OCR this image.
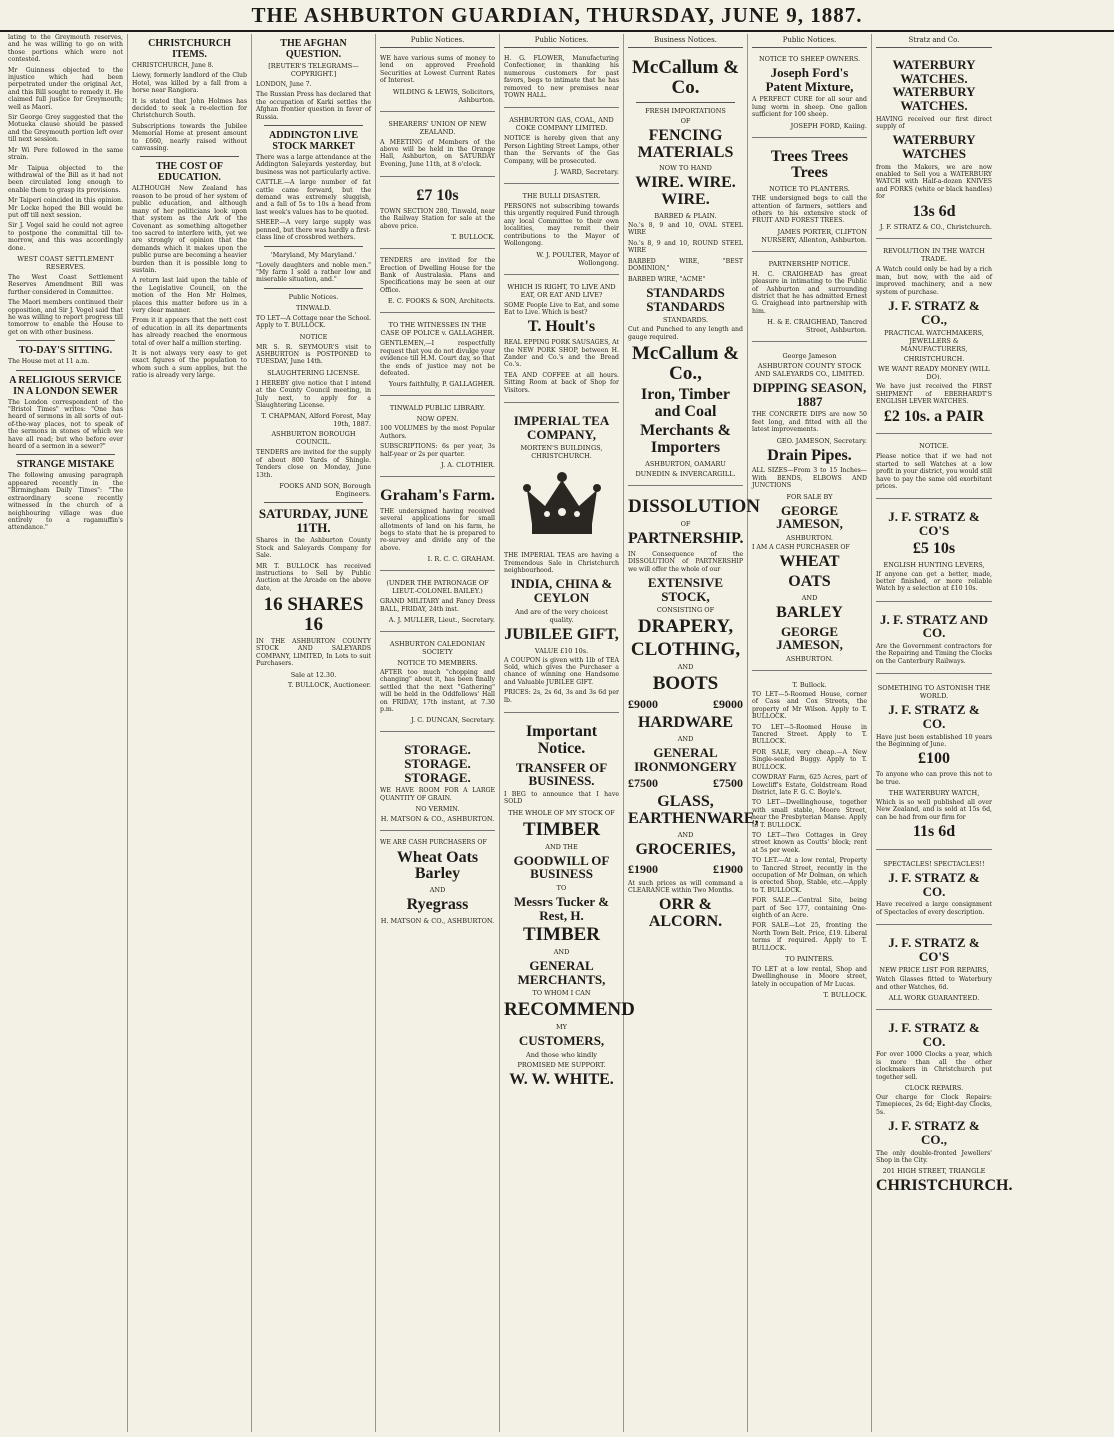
THE ASHBURTON GUARDIAN, THURSDAY, JUNE 9, 1887.

lating to the Greymouth reserves, and he was willing to go on with those portions which were not contested.

Mr Guinness objected to the injustice which had been perpetrated under the original Act, and this Bill sought to remedy it. He claimed full justice for Greymouth; well as Maori.

Sir George Grey suggested that the Motueka clause should be passed and the Greymouth portion left over till next session.

Mr Wi Pere followed in the same strain.

Mr Taipua objected to the withdrawal of the Bill as it had not been circulated long enough to enable them to grasp its provisions.

Mr Taiperi coincided in this opinion. Mr Locke hoped the Bill would be put off till next session.

Sir J. Vogel said he could not agree to postpone the committal till to-morrow, and this was accordingly done.

WEST COAST SETTLEMENT RESERVES.

The West Coast Settlement Reserves Amendment Bill was further considered in Committee.

The Maori members continued their opposition, and Sir J. Vogel said that he was willing to report progress till tomorrow to enable the House to get on with other business.

TO-DAY'S SITTING.

The House met at 11 a.m.

A RELIGIOUS SERVICE IN A LONDON SEWER

The London correspondent of the "Bristol Times" writes: "One has heard of sermons in all sorts of out-of-the-way places, not to speak of the sermons in stones of which we have all read; but who before ever heard of a sermon in a sewer?"

STRANGE MISTAKE

The following amusing paragraph appeared recently in the "Birmingham Daily Times": "The extraordinary scene recently witnessed in the church of a neighbouring village was due entirely to a ragamuffin's attendance."

CHRISTCHURCH ITEMS.

CHRISTCHURCH, June 8.

Liewy, formerly landlord of the Club Hotel, was killed by a fall from a horse near Rangiora.

It is stated that John Holmes has decided to seek a re-election for Christchurch South.

Subscriptions towards the Jubilee Memorial Home at present amount to £660, nearly raised without canvassing.

THE COST OF EDUCATION.

ALTHOUGH New Zealand has reason to be proud of her system of public education, and although many of her politicians look upon that system as the Ark of the Covenant as something altogether too sacred to interfere with, yet we are strongly of opinion that the demands which it makes upon the public purse are becoming a heavier burden than it is possible long to sustain.

A return last laid upon the table of the Legislative Council, on the motion of the Hon Mr Holmes, places this matter before us in a very clear manner.

From it it appears that the nett cost of education in all its departments has already reached the enormous total of over half a million sterling.

It is not always very easy to get exact figures of the population to whom such a sum applies, but the ratio is already very large.

THE AFGHAN QUESTION.
[REUTER'S TELEGRAMS—COPYRIGHT.]

LONDON, June 7.

The Russian Press has declared that the occupation of Karki settles the Afghan frontier question in favor of Russia.

ADDINGTON LIVE STOCK MARKET

There was a large attendance at the Addington Saleyards yesterday, but business was not particularly active.

CATTLE.—A large number of fat cattle came forward, but the demand was extremely sluggish, and a fall of 5s to 10s a head from last week's values has to be quoted.

SHEEP.—A very large supply was penned, but there was hardly a first-class line of crossbred wethers.

'Maryland, My Maryland.'

"Lovely daughters and noble men." "My farm I sold a rather low and miserable situation, and."

Public Notices.
TINWALD.

TO LET—A Cottage near the School. Apply to T. BULLOCK.

NOTICE

MR S. R. SEYMOUR'S visit to ASHBURTON is POSTPONED to TUESDAY, June 14th.

SLAUGHTERING LICENSE.

I HEREBY give notice that I intend at the County Council meeting, in July next, to apply for a Slaughtering License.

T. CHAPMAN, Alford Forest, May 19th, 1887.
ASHBURTON BOROUGH COUNCIL.

TENDERS are invited for the supply of about 800 Yards of Shingle. Tenders close on Monday, June 13th.

FOOKS AND SON, Borough Engineers.
SATURDAY, JUNE 11TH.

Shares in the Ashburton County Stock and Saleyards Company for Sale.

MR T. BULLOCK has received instructions to Sell by Public Auction at the Arcade on the above date,

16 SHARES 16

IN THE ASHBURTON COUNTY STOCK AND SALEYARDS COMPANY, LIMITED, In Lots to suit Purchasers.

Sale at 12.30.
T. BULLOCK, Auctioneer.
Public Notices.

WE have various sums of money to lend on approved Freehold Securities at Lowest Current Rates of Interest.

WILDING & LEWIS, Solicitors, Ashburton.
SHEARERS' UNION OF NEW ZEALAND.

A MEETING of Members of the above will be held in the Orange Hall, Ashburton, on SATURDAY Evening, June 11th, at 8 o'clock.

£7 10s

TOWN SECTION 280, Tinwald, near the Railway Station for sale at the above price.

T. BULLOCK.

TENDERS are invited for the Erection of Dwelling House for the Bank of Australasia. Plans and Specifications may be seen at our Office.

E. C. FOOKS & SON, Architects.
TO THE WITNESSES IN THE CASE OF POLICE v. GALLAGHER.

GENTLEMEN,—I respectfully request that you do not divulge your evidence till H.M. Court day, so that the ends of justice may not be defeated.

Yours faithfully, P. GALLAGHER.
TINWALD PUBLIC LIBRARY.
NOW OPEN.

100 VOLUMES by the most Popular Authors.

SUBSCRIPTIONS: 6s per year, 3s half-year or 2s per quarter.

J. A. CLOTHIER.
Graham's Farm.

THE undersigned having received several applications for small allotments of land on his farm, he begs to state that he is prepared to re-survey and divide any of the above.

I. R. C. C. GRAHAM.
(UNDER THE PATRONAGE OF LIEUT.-COLONEL BAILEY.)

GRAND MILITARY and Fancy Dress BALL, FRIDAY, 24th inst.

A. J. MULLER, Lieut., Secretary.
ASHBURTON CALEDONIAN SOCIETY
NOTICE TO MEMBERS.

AFTER too much "chopping and changing" about it, has been finally settled that the next "Gathering" will be held in the Oddfellows' Hall on FRIDAY, 17th instant, at 7.30 p.m.

J. C. DUNCAN, Secretary.
STORAGE. STORAGE. STORAGE.

WE HAVE ROOM FOR A LARGE QUANTITY OF GRAIN.

NO VERMIN.
H. MATSON & CO., ASHBURTON.

WE ARE CASH PURCHASERS OF

Wheat Oats Barley
AND
Ryegrass
H. MATSON & CO., ASHBURTON.
Public Notices.

H. G. FLOWER, Manufacturing Confectioner, in thanking his numerous customers for past favors, begs to intimate that he has removed to new premises near TOWN HALL.

ASHBURTON GAS, COAL, AND COKE COMPANY LIMITED.

NOTICE is hereby given that any Person Lighting Street Lamps, other than the Servants of the Gas Company, will be prosecuted.

J. WARD, Secretary.
THE BULLI DISASTER.

PERSONS not subscribing towards this urgently required Fund through any local Committee to their own localities, may remit their contributions to the Mayor of Wollongong.

W. J. POULTER, Mayor of Wollongong.
WHICH IS RIGHT, TO LIVE AND EAT, OR EAT AND LIVE?

SOME People Live to Eat, and some Eat to Live. Which is best?

T. Hoult's

REAL EPPING PORK SAUSAGES, At the NEW PORK SHOP, between H. Zander and Co.'s and the Bread Co.'s.

TEA AND COFFEE at all hours. Sitting Room at back of Shop for Visitors.

IMPERIAL TEA COMPANY,
MORTEN'S BUILDINGS, CHRISTCHURCH.

THE IMPERIAL TEAS are having a Tremendous Sale in Christchurch neighbourhood.

INDIA, CHINA & CEYLON
And are of the very choicest quality.
JUBILEE GIFT,
VALUE £10 10s.

A COUPON is given with 1lb of TEA Sold, which gives the Purchaser a chance of winning one Handsome and Valuable JUBILEE GIFT.

PRICES: 2s, 2s 6d, 3s and 3s 6d per lb.

Important Notice.
TRANSFER OF BUSINESS.

I BEG to announce that I have SOLD

THE WHOLE OF MY STOCK OF
TIMBER
AND THE
GOODWILL OF BUSINESS
TO
Messrs Tucker & Rest, H.
TIMBER
AND
GENERAL MERCHANTS,
TO WHOM I CAN
RECOMMEND
MY
CUSTOMERS,
And those who kindly
PROMISED ME SUPPORT.
W. W. WHITE.
Business Notices.
McCallum & Co.
FRESH IMPORTATIONS
OF
FENCING MATERIALS
NOW TO HAND
WIRE. WIRE. WIRE.
BARBED & PLAIN.

No.'s 8, 9 and 10, OVAL STEEL WIRE

No.'s 8, 9 and 10, ROUND STEEL WIRE

BARBED WIRE, "BEST DOMINION,"

BARBED WIRE, "ACME"

STANDARDS STANDARDS
STANDARDS.

Cut and Punched to any length and gauge required.

McCallum & Co.,
Iron, Timber and Coal
Merchants & Importers
ASHBURTON, OAMARU
DUNEDIN & INVERCARGILL.
DISSOLUTION
OF
PARTNERSHIP.

IN Consequence of the DISSOLUTION of PARTNERSHIP we will offer the whole of our

EXTENSIVE STOCK,
CONSISTING OF
DRAPERY,
CLOTHING,
AND
BOOTS
£9000	£9000
HARDWARE
AND
GENERAL IRONMONGERY
£7500	£7500
GLASS, EARTHENWARE,
AND
GROCERIES,
£1900	£1900

At such prices as will command a CLEARANCE within Two Months.

ORR & ALCORN.
Public Notices.
NOTICE TO SHEEP OWNERS.
Joseph Ford's Patent Mixture,

A PERFECT CURE for all sour and lung worm in sheep. One gallon sufficient for 100 sheep.

JOSEPH FORD, Kaiing.
Trees Trees Trees
NOTICE TO PLANTERS.

THE undersigned begs to call the attention of farmers, settlers and others to his extensive stock of FRUIT AND FOREST TREES.

JAMES PORTER, CLIFTON NURSERY, Allenton, Ashburton.
PARTNERSHIP NOTICE.

H. C. CRAIGHEAD has great pleasure in intimating to the Public of Ashburton and surrounding district that he has admitted Ernest G. Craighead into partnership with him.

H. & E. CRAIGHEAD, Tancred Street, Ashburton.
George Jameson
ASHBURTON COUNTY STOCK AND SALEYARDS CO., LIMITED.
DIPPING SEASON, 1887

THE CONCRETE DIPS are now 50 feet long, and fitted with all the latest improvements.

GEO. JAMESON, Secretary.
Drain Pipes.

ALL SIZES—From 3 to 15 Inches—With BENDS, ELBOWS AND JUNCTIONS

FOR SALE BY
GEORGE JAMESON,
ASHBURTON.

I AM A CASH PURCHASER OF

WHEAT
OATS
AND
BARLEY
GEORGE JAMESON,
ASHBURTON.
T. Bullock.

TO LET—5-Roomed House, corner of Cass and Cox Streets, the property of Mr Wilson. Apply to T. BULLOCK.

TO LET—5-Roomed House in Tancred Street. Apply to T. BULLOCK.

FOR SALE, very cheap.—A New Single-seated Buggy. Apply to T. BULLOCK.

COWDRAY Farm, 625 Acres, part of Lowcliff's Estate, Goldstream Road District, late F. G. C. Boyle's.

TO LET—Dwellinghouse, together with small stable, Moore Street, near the Presbyterian Manse. Apply to T. BULLOCK.

TO LET—Two Cottages in Grey street known as Coutts' block; rent at 5s per week.

TO LET.—At a low rental, Property to Tancred Street, recently in the occupation of Mr Dolman, on which is erected Shop, Stable, etc.—Apply to T. BULLOCK.

FOR SALE.—Central Site, being part of Sec 177, containing One-eighth of an Acre.

FOR SALE—Lot 25, fronting the North Town Belt. Price, £19. Liberal terms if required. Apply to T. BULLOCK.

TO PAINTERS.

TO LET at a low rental, Shop and Dwellinghouse in Moore street, lately in occupation of Mr Lucas.

T. BULLOCK.
Stratz and Co.
WATERBURY WATCHES. WATERBURY WATCHES.

HAVING received our first direct supply of

WATERBURY WATCHES

from the Makers, we are now enabled to Sell you a WATERBURY WATCH with Half-a-dozen KNIVES and FORKS (white or black handles) for

13s 6d
J. F. STRATZ & CO., Christchurch.
REVOLUTION IN THE WATCH TRADE.

A Watch could only be had by a rich man, but now, with the aid of improved machinery, and a new system of purchase.

J. F. STRATZ & CO.,
PRACTICAL WATCHMAKERS, JEWELLERS & MANUFACTURERS,
CHRISTCHURCH.
WE WANT READY MONEY (WILL DO).

We have just received the FIRST SHIPMENT of EBERHARDT'S ENGLISH LEVER WATCHES.

£2 10s. a PAIR
NOTICE.

Please notice that if we had not started to sell Watches at a low profit in your district, you would still have to pay the same old exorbitant prices.

J. F. STRATZ & CO'S
£5 10s
ENGLISH HUNTING LEVERS,

If anyone can get a better, made, better finished, or more reliable Watch by a selection at £10 10s.

J. F. STRATZ AND CO.

Are the Government contractors for the Repairing and Timing the Clocks on the Canterbury Railways.

SOMETHING TO ASTONISH THE WORLD.
J. F. STRATZ & CO.

Have just been established 10 years the Beginning of June.

£100

To anyone who can prove this not to be true.

THE WATERBURY WATCH,

Which is so well published all over New Zealand, and is sold at 15s 6d, can be had from our firm for

11s 6d
SPECTACLES! SPECTACLES!!
J. F. STRATZ & CO.

Have received a large consignment of Spectacles of every description.

J. F. STRATZ & CO'S
NEW PRICE LIST FOR REPAIRS,

Watch Glasses fitted to Waterbury and other Watches, 6d.

ALL WORK GUARANTEED.
J. F. STRATZ & CO.

For over 1000 Clocks a year, which is more than all the other clockmakers in Christchurch put together sell.

CLOCK REPAIRS.

Our charge for Clock Repairs: Timepieces, 2s 6d; Eight-day Clocks, 5s.

J. F. STRATZ & CO.,

The only double-fronted Jewellers' Shop in the City.

201 HIGH STREET, TRIANGLE
CHRISTCHURCH.
